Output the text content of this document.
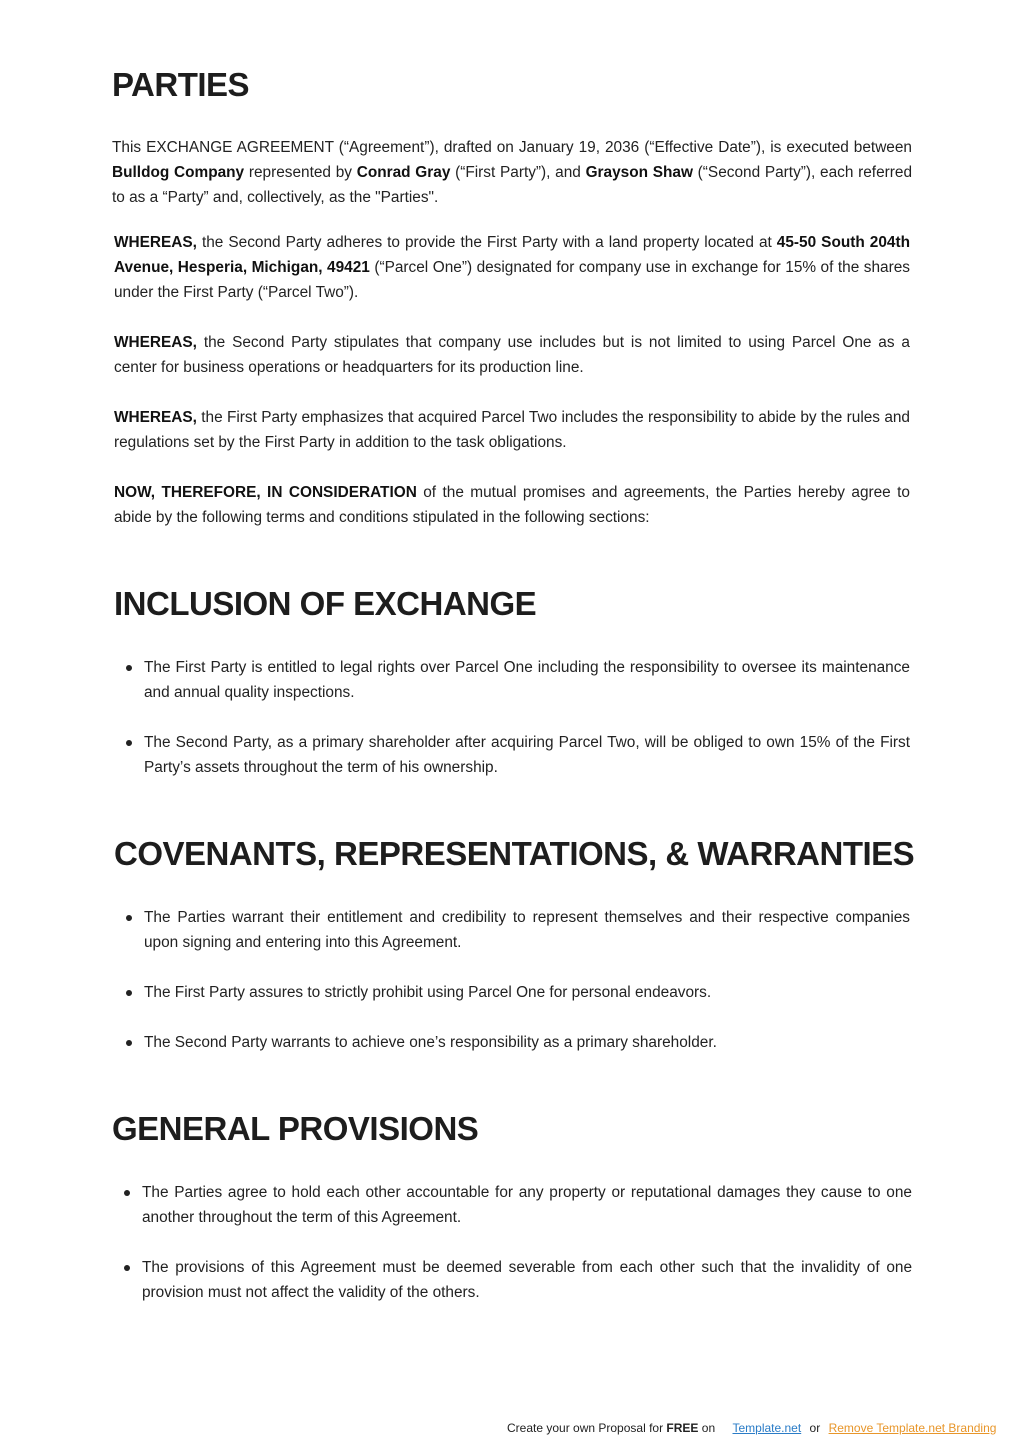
PARTIES

This EXCHANGE AGREEMENT (“Agreement”), drafted on January 19, 2036 (“Effective Date”), is executed between Bulldog Company represented by Conrad Gray (“First Party”), and Grayson Shaw (“Second Party”), each referred to as a “Party” and, collectively, as the "Parties".

WHEREAS, the Second Party adheres to provide the First Party with a land property located at 45-50 South 204th Avenue, Hesperia, Michigan, 49421 (“Parcel One”) designated for company use in exchange for 15% of the shares under the First Party (“Parcel Two”).

WHEREAS, the Second Party stipulates that company use includes but is not limited to using Parcel One as a center for business operations or headquarters for its production line.

WHEREAS, the First Party emphasizes that acquired Parcel Two includes the responsibility to abide by the rules and regulations set by the First Party in addition to the task obligations.

NOW, THEREFORE, IN CONSIDERATION of the mutual promises and agreements, the Parties hereby agree to abide by the following terms and conditions stipulated in the following sections:

INCLUSION OF EXCHANGE
The First Party is entitled to legal rights over Parcel One including the responsibility to oversee its maintenance and annual quality inspections.
The Second Party, as a primary shareholder after acquiring Parcel Two, will be obliged to own 15% of the First Party’s assets throughout the term of his ownership.
COVENANTS, REPRESENTATIONS, & WARRANTIES
The Parties warrant their entitlement and credibility to represent themselves and their respective companies upon signing and entering into this Agreement.
The First Party assures to strictly prohibit using Parcel One for personal endeavors.
The Second Party warrants to achieve one’s responsibility as a primary shareholder.
GENERAL PROVISIONS
The Parties agree to hold each other accountable for any property or reputational damages they cause to one another throughout the term of this Agreement.
The provisions of this Agreement must be deemed severable from each other such that the invalidity of one provision must not affect the validity of the others.
Create your own Proposal for FREE on Template.net or Remove Template.net Branding
